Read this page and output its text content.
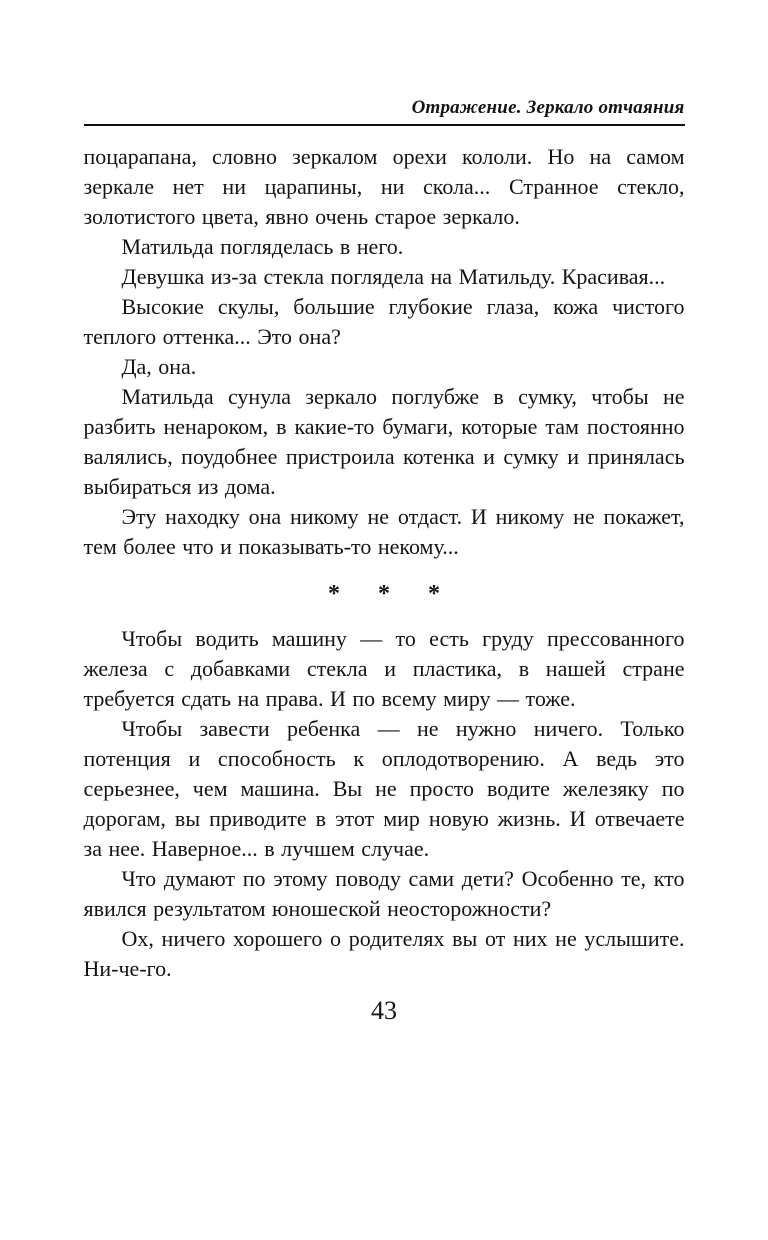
Отражение. Зеркало отчаяния

поцарапана, словно зеркалом орехи кололи. Но на самом зеркале нет ни царапины, ни скола... Странное стекло, золотистого цвета, явно очень старое зеркало.

Матильда погляделась в него.

Девушка из-за стекла поглядела на Матильду. Красивая...

Высокие скулы, большие глубокие глаза, кожа чистого теплого оттенка... Это она?

Да, она.

Матильда сунула зеркало поглубже в сумку, чтобы не разбить ненароком, в какие-то бумаги, которые там постоянно валялись, поудобнее пристроила котенка и сумку и принялась выбираться из дома.

Эту находку она никому не отдаст. И никому не покажет, тем более что и показывать-то некому...

* * *

Чтобы водить машину — то есть груду прессованного железа с добавками стекла и пластика, в нашей стране требуется сдать на права. И по всему миру — тоже.

Чтобы завести ребенка — не нужно ничего. Только потенция и способность к оплодотворению. А ведь это серьезнее, чем машина. Вы не просто водите железяку по дорогам, вы приводите в этот мир новую жизнь. И отвечаете за нее. Наверное... в лучшем случае.

Что думают по этому поводу сами дети? Особенно те, кто явился результатом юношеской неосторожности?

Ох, ничего хорошего о родителях вы от них не услышите. Ни-че-го.

43
